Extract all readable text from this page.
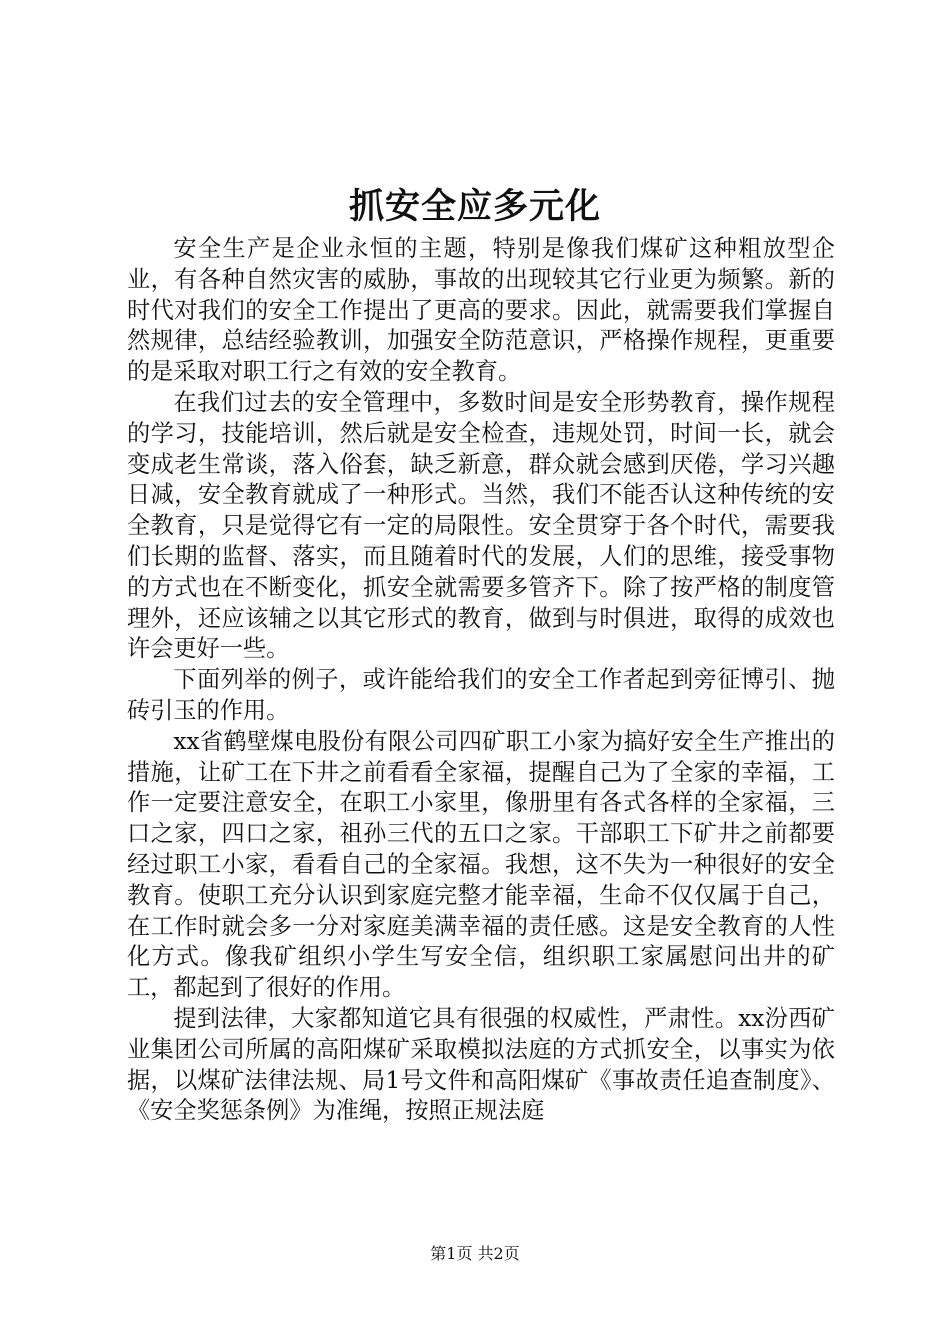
抓安全应多元化

安全生产是企业永恒的主题，特别是像我们煤矿这种粗放型企业，有各种自然灾害的威胁，事故的出现较其它行业更为频繁。新的时代对我们的安全工作提出了更高的要求。因此，就需要我们掌握自然规律，总结经验教训，加强安全防范意识，严格操作规程，更重要的是采取对职工行之有效的安全教育。

在我们过去的安全管理中，多数时间是安全形势教育，操作规程的学习，技能培训，然后就是安全检查，违规处罚，时间一长，就会变成老生常谈，落入俗套，缺乏新意，群众就会感到厌倦，学习兴趣日减，安全教育就成了一种形式。当然，我们不能否认这种传统的安全教育，只是觉得它有一定的局限性。安全贯穿于各个时代，需要我们长期的监督、落实，而且随着时代的发展，人们的思维，接受事物的方式也在不断变化，抓安全就需要多管齐下。除了按严格的制度管理外，还应该辅之以其它形式的教育，做到与时俱进，取得的成效也许会更好一些。

下面列举的例子，或许能给我们的安全工作者起到旁征博引、抛砖引玉的作用。

xx省鹤壁煤电股份有限公司四矿职工小家为搞好安全生产推出的措施，让矿工在下井之前看看全家福，提醒自己为了全家的幸福，工作一定要注意安全，在职工小家里，像册里有各式各样的全家福，三口之家，四口之家，祖孙三代的五口之家。干部职工下矿井之前都要经过职工小家，看看自己的全家福。我想，这不失为一种很好的安全教育。使职工充分认识到家庭完整才能幸福，生命不仅仅属于自己，在工作时就会多一分对家庭美满幸福的责任感。这是安全教育的人性化方式。像我矿组织小学生写安全信，组织职工家属慰问出井的矿工，都起到了很好的作用。

提到法律，大家都知道它具有很强的权威性，严肃性。xx汾西矿业集团公司所属的高阳煤矿采取模拟法庭的方式抓安全，以事实为依据，以煤矿法律法规、局1号文件和高阳煤矿《事故责任追查制度》、《安全奖惩条例》为准绳，按照正规法庭

第1页 共2页
